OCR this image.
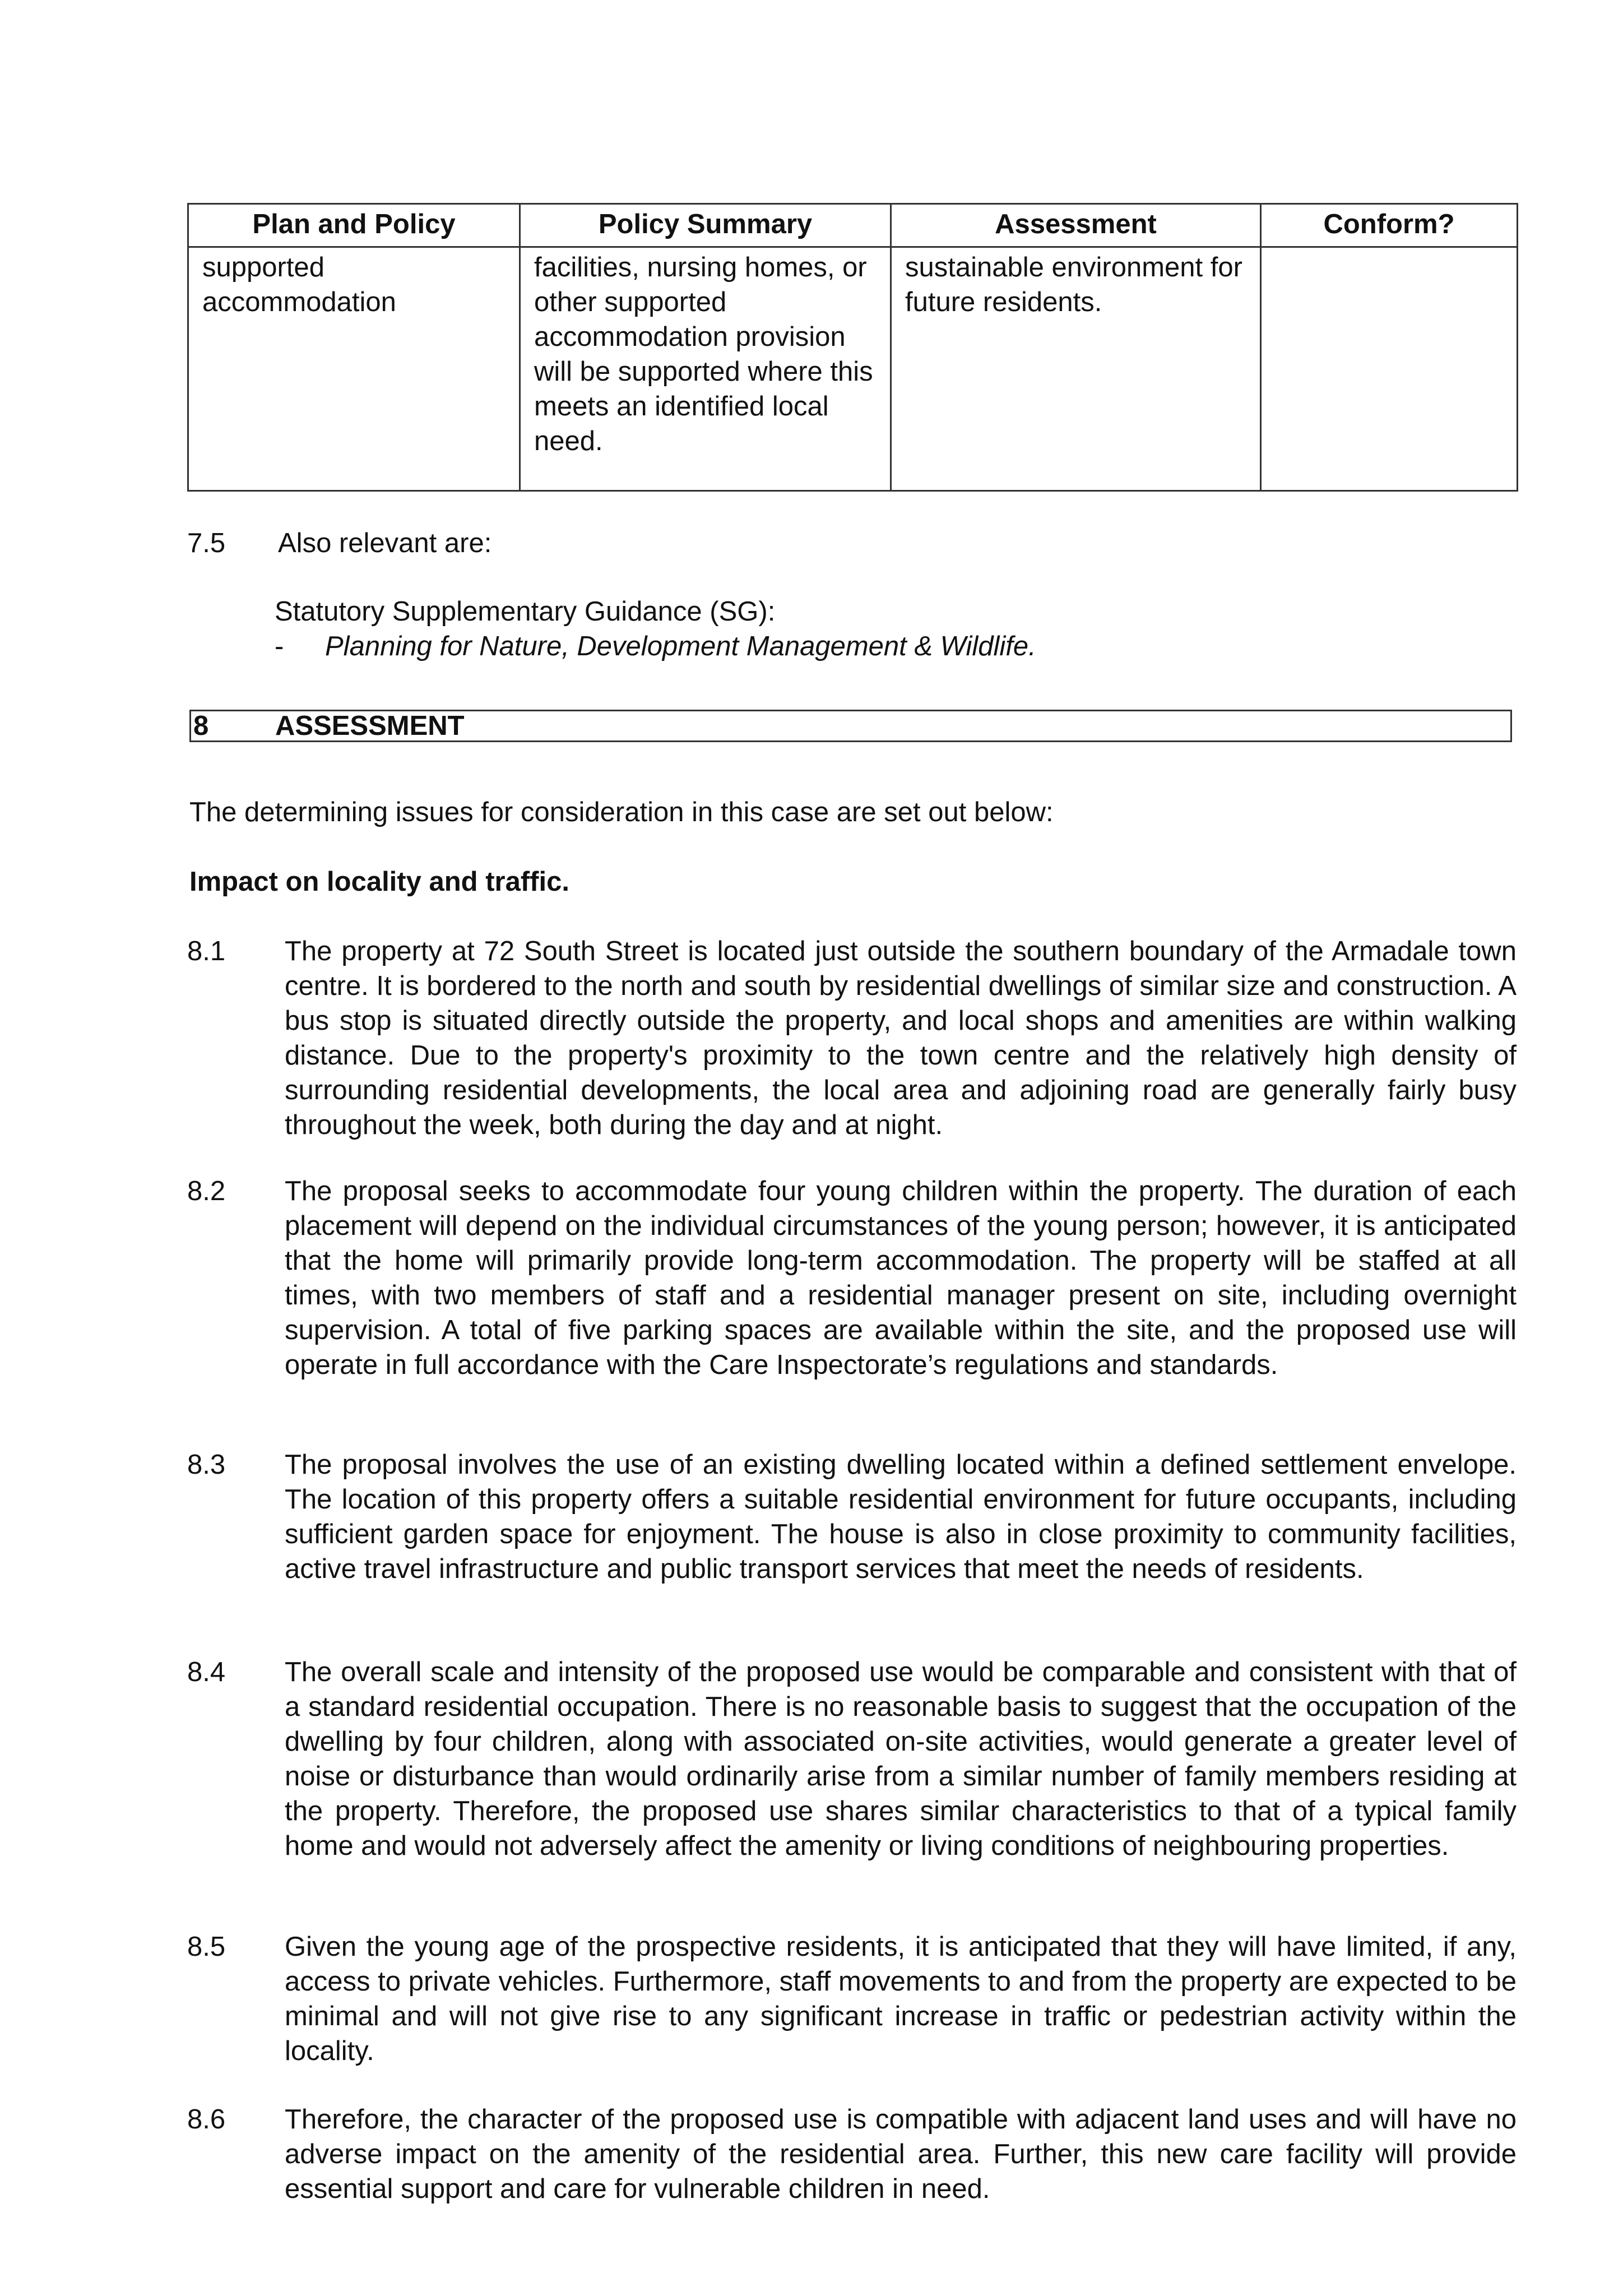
Plan and Policy	Policy Summary	Assessment	Conform?
supported accommodation	facilities, nursing homes, or other supported accommodation provision will be supported where this meets an identified local need.	sustainable environment for future residents.	
7.5	Also relevant are:
Statutory Supplementary Guidance (SG):
- Planning for Nature, Development Management & Wildlife.
8 ASSESSMENT
The determining issues for consideration in this case are set out below:
Impact on locality and traffic.
8.1	The property at 72 South Street is located just outside the southern boundary of the Armadale town centre. It is bordered to the north and south by residential dwellings of similar size and construction. A bus stop is situated directly outside the property, and local shops and amenities are within walking distance. Due to the property's proximity to the town centre and the relatively high density of surrounding residential developments, the local area and adjoining road are generally fairly busy throughout the week, both during the day and at night.
8.2	The proposal seeks to accommodate four young children within the property. The duration of each placement will depend on the individual circumstances of the young person; however, it is anticipated that the home will primarily provide long-term accommodation. The property will be staffed at all times, with two members of staff and a residential manager present on site, including overnight supervision. A total of five parking spaces are available within the site, and the proposed use will operate in full accordance with the Care Inspectorate’s regulations and standards.
8.3	The proposal involves the use of an existing dwelling located within a defined settlement envelope. The location of this property offers a suitable residential environment for future occupants, including sufficient garden space for enjoyment. The house is also in close proximity to community facilities, active travel infrastructure and public transport services that meet the needs of residents.
8.4	The overall scale and intensity of the proposed use would be comparable and consistent with that of a standard residential occupation. There is no reasonable basis to suggest that the occupation of the dwelling by four children, along with associated on-site activities, would generate a greater level of noise or disturbance than would ordinarily arise from a similar number of family members residing at the property. Therefore, the proposed use shares similar characteristics to that of a typical family home and would not adversely affect the amenity or living conditions of neighbouring properties.
8.5	Given the young age of the prospective residents, it is anticipated that they will have limited, if any, access to private vehicles. Furthermore, staff movements to and from the property are expected to be minimal and will not give rise to any significant increase in traffic or pedestrian activity within the locality.
8.6	Therefore, the character of the proposed use is compatible with adjacent land uses and will have no adverse impact on the amenity of the residential area. Further, this new care facility will provide essential support and care for vulnerable children in need.
